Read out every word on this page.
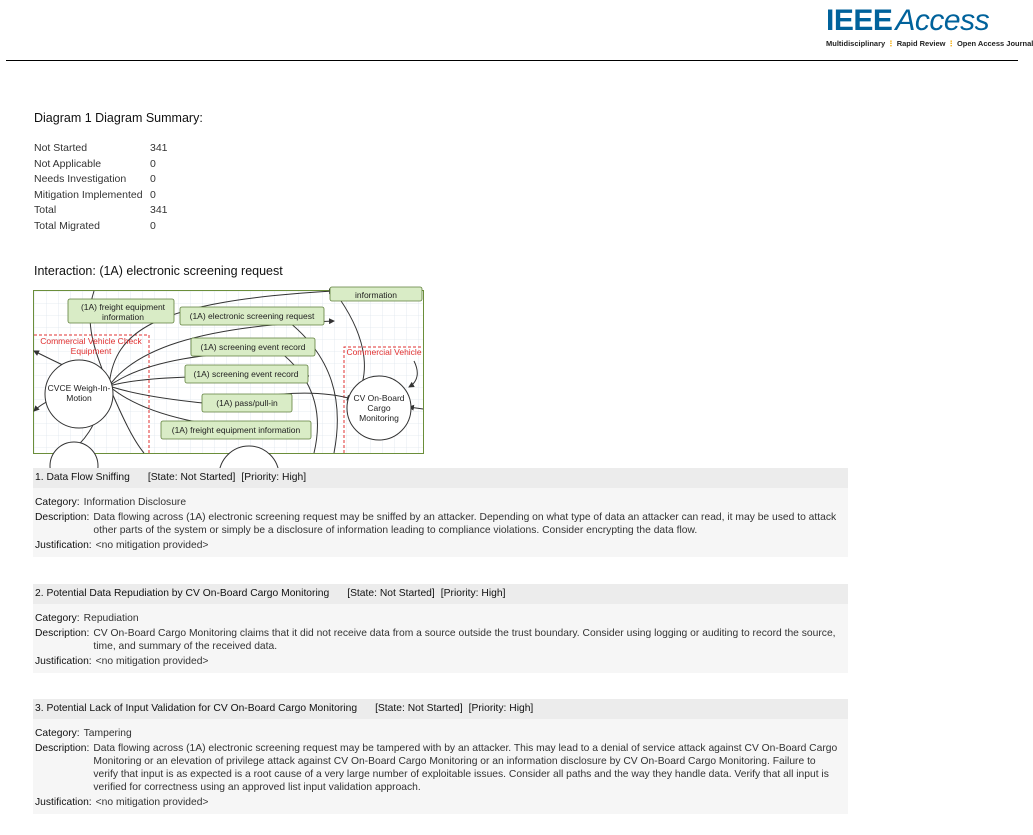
IEEE Access
Multidisciplinary ⋮ Rapid Review ⋮ Open Access Journal
Diagram 1 Diagram Summary:
Not Started	341
Not Applicable	0
Needs Investigation 0
Mitigation Implemented 0
Total	341
Total Migrated	0
Interaction: (1A) electronic screening request
information
(1A) freight equipment
information	(1A) electronic screening request
Commercial Vehicle Check
Equipment	Commercial Vehicle
(1A) screening event record
(1A) screening event record
(1A) pass/pull-in
(1A) freight equipment information
CVCE Weigh-In-
Motion	CV On-Board
Cargo
Monitoring
1. Data Flow Sniffing [State: Not Started] [Priority: High]
Category: Information Disclosure
Description: Data flowing across (1A) electronic screening request may be sniffed by an attacker. Depending on what type of data an attacker can read, it may be used to attack other parts of the system or simply be a disclosure of information leading to compliance violations. Consider encrypting the data flow.
Justification: <no mitigation provided>
2. Potential Data Repudiation by CV On-Board Cargo Monitoring [State: Not Started] [Priority: High]
Category: Repudiation
Description: CV On-Board Cargo Monitoring claims that it did not receive data from a source outside the trust boundary. Consider using logging or auditing to record the source, time, and summary of the received data.
Justification: <no mitigation provided>
3. Potential Lack of Input Validation for CV On-Board Cargo Monitoring [State: Not Started] [Priority: High]
Category: Tampering
Description: Data flowing across (1A) electronic screening request may be tampered with by an attacker. This may lead to a denial of service attack against CV On-Board Cargo Monitoring or an elevation of privilege attack against CV On-Board Cargo Monitoring or an information disclosure by CV On-Board Cargo Monitoring. Failure to verify that input is as expected is a root cause of a very large number of exploitable issues. Consider all paths and the way they handle data. Verify that all input is verified for correctness using an approved list input validation approach.
Justification: <no mitigation provided>
